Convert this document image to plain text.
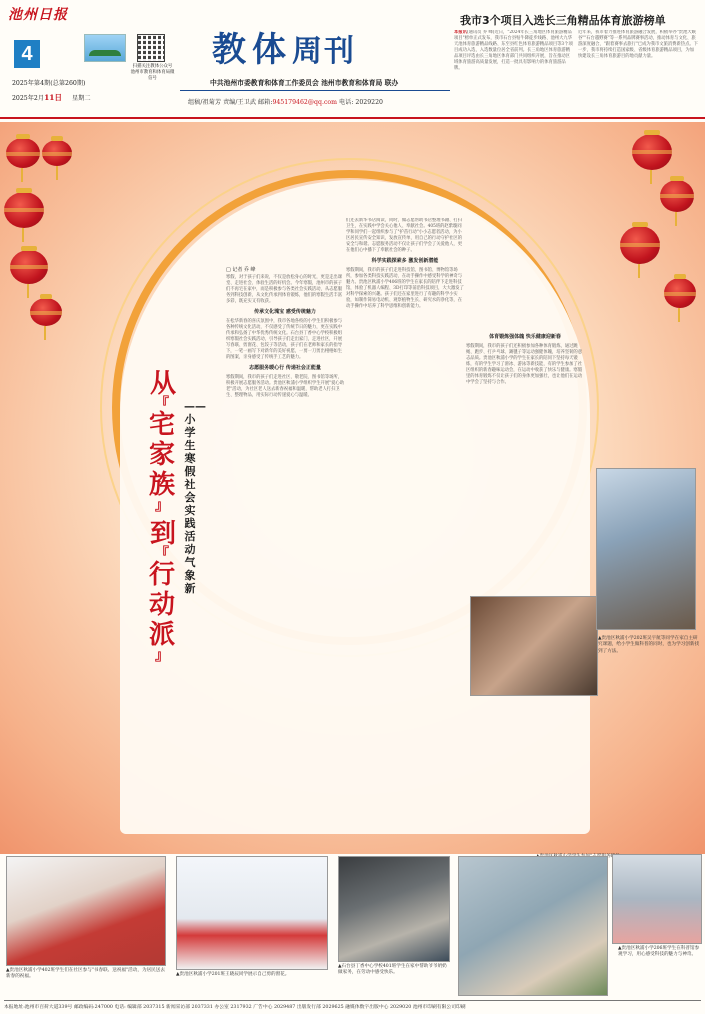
池州日报
4
扫描关注教体公众号 池州市教育和体育局微信号
2025年第4期(总第260期)
2025年2月11日 星期二
教体周刊
中共池州市委教育和体育工作委员会 池州市教育和体育局 联办
组稿/祖菊芳 责编/王卫武 邮箱:945179462@qq.com 电话: 2029220
我市3个项目入选长三角精品体育旅游榜单

本报讯(通讯员 乔 峰)近日，"2024年长三角地区体育旅游精品项目"榜单正式发布，我市石台县牯牛降徒步线路、池州大九华天池体育旅游精品线路、东至县红色体育旅游精品项目等3个项目成功入选，入选数量位居全省前列。长三角地区体育旅游精品项目评选由长三角地区体育部门共同组织开展，旨在推动区域体育旅游高质量发展，打造一批具有影响力的体育旅游品牌。

近年来，我市着力推进体育旅游融合发展，积极举办"贵池大峡谷""石台越野赛"等一系列品牌赛事活动，推动体育与文化、旅游深度融合，"跟着赛事去旅行"已成为我市文旅消费新热点。下一步，我市将持续打造国家级、省级体育旅游精品项目，为加快建设长三角体育旅游目的地贡献力量。

从
『
宅家族
』
到
『
行动派
』
——小学生寒假社会实践活动气象新

□ 记者 乔 峰

寒假，对于孩子们来说，不仅是放松身心的时光，更是走出课堂、走进社会、体验生活的好机会。今年寒假，池州市的孩子们不再宅在家中，而是积极参与各类社会实践活动，从志愿服务到科技创新，从文化传承到体育锻炼，他们的寒假生活丰富多彩，既充实又有收获。

传承文化瑰宝 感受传统魅力

在松华新春的喜庆氛围中，我市各地各校的小学生们积极参与各种传统文化活动，不仅感受了传统节日的魅力，更在实践中传承和弘扬了中华优秀传统文化。石台县丁香中心学校积极组织寒假社会实践活动，引导孩子们走出家门，走进社区，开展写春联、剪窗花、包饺子等活动，孩子们在老师和家长的指导下，一笔一画写下对新年的美好祝愿，一剪一刀剪出栩栩如生的图案，亲身感受了传统手工艺的魅力。

志愿服务暖心行 传递社会正能量

寒假期间，我市的孩子们走进社区、敬老院、图书馆等场所，积极开展志愿服务活动。贵池区秋浦小学组织学生开展"爱心助老"活动，为社区老人送去新春祝福和温暖，帮助老人打扫卫生、整理物品，用实际行动传递爱心与温暖。

们还去新华书店阅读，同时，做志愿帮助书店整理书籍、打扫卫生，在实践中学会关心他人、奉献社会。405班的赵紫璇同学和同学们一起组织参与了"护苗行动"小小志愿者活动，为小区居民宣传安全知识，发放宣传单，用自己的行动守护社区的安全与和谐。志愿服务活动不仅让孩子们学会了关爱他人，更在他们心中播下了奉献社会的种子。

科学实践探索多 激发创新潜能

寒假期间，我市的孩子们走进科技馆、图书馆、博物馆等场所，参加各类科技实践活动，在动手操作中感受科学的神奇与魅力。贵池区秋浦小学406班的学生在家长的陪伴下走进科技馆，体验了机器人编程、3D打印等前沿科技项目，大大激发了对科学探索的兴趣。孩子们还在家里进行了有趣的科学小实验，如制作简易电动机、观察植物生长、研究水的净化等，在动手操作中培养了科学思维和创新能力。

体育锻炼强体魄 快乐健康迎新春

寒假期间，我市的孩子们还积极参加各种体育锻炼，通过跳绳、跑步、打乒乓球、踢毽子等运动强健体魄，培养坚韧的意志品质。贵池区秋浦小学的学生在家长的陪同下坚持每天锻炼，有的学生学习了滑冰、游泳等新技能，有的学生参加了社区组织的新春趣味运动会，在运动中收获了快乐与健康。寒假里的体育锻炼不仅让孩子们的身体更加强壮，也让他们在运动中学会了坚持与合作。

▲贵池区秋浦小学202班吴宇航等同学在家自主研究课题，给小学生做科普的同时，也为学习创新找到了方法。
▲贵池区秋浦小学206班学生在科普馆参观学习，用心感受科技的魅力与神奇。
▲贵池区秋浦小学402班学生们在社区参与"书春联、送祝福"活动，为居民送去新春的祝福。	▲贵池区秋浦小学201班王晓辰同学展示自己剪的窗花。
▲石台县丁香中心学校401班学生在家中帮助爷爷奶奶做家务，在劳动中感受快乐。
本报地址:池州市百荷大道339号 邮政编码:247000 电话: 编辑部 2037315 新闻采访部 2037331 办公室 2317932 广告中心 2029487 出版发行部 2029625 融媒体数字出版中心 2029020 池州市印刷有限公司印刷
